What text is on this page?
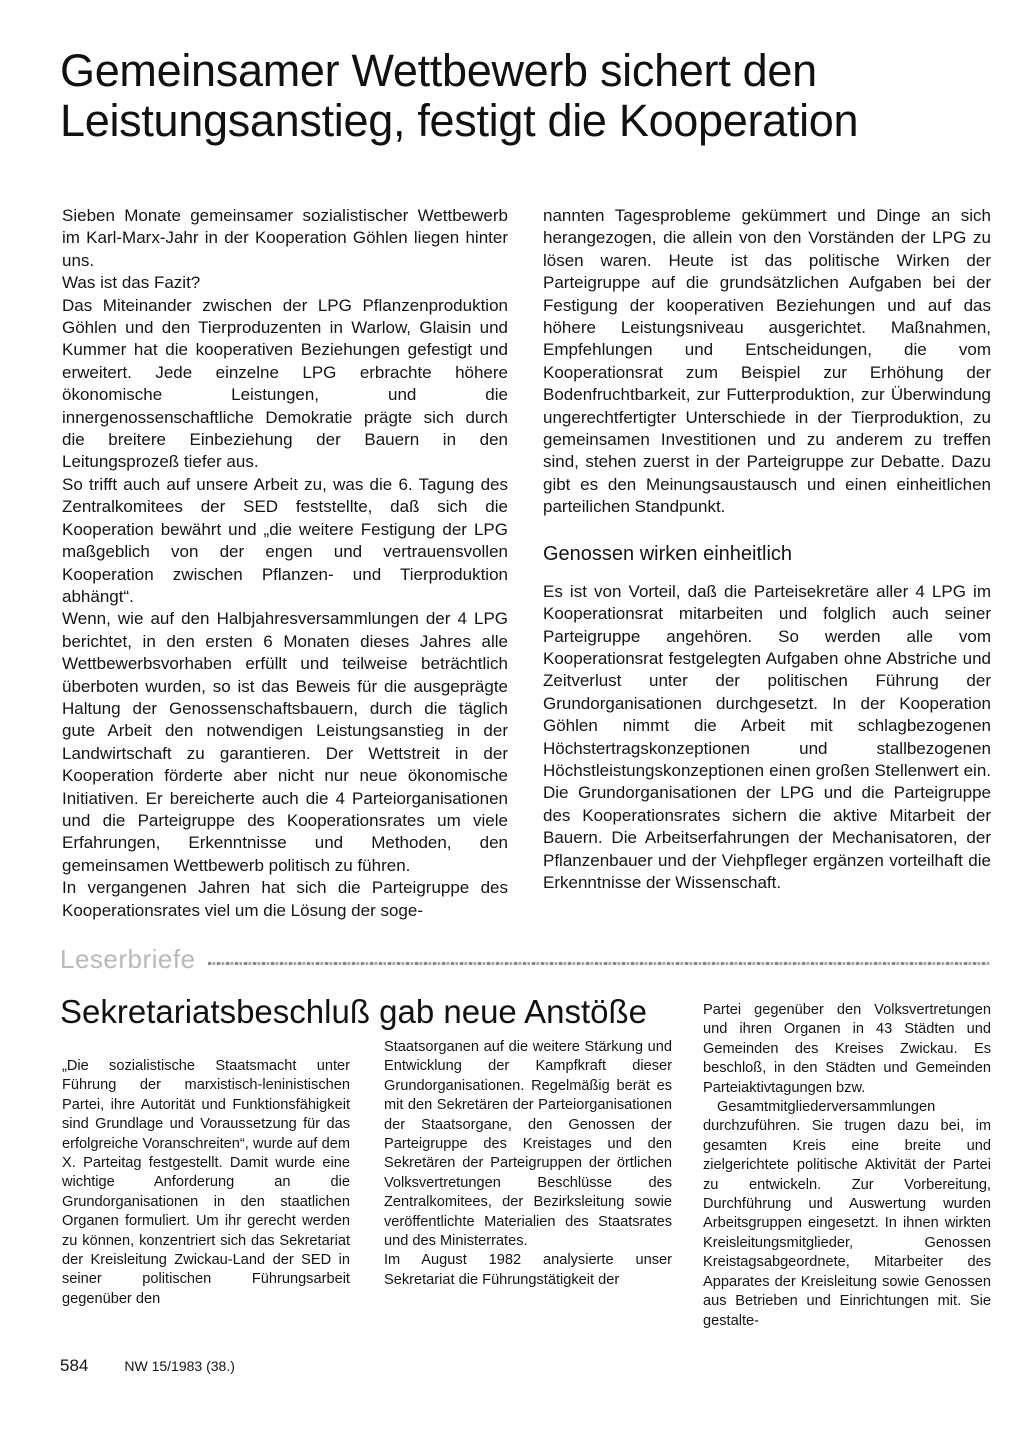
Gemeinsamer Wettbewerb sichert den Leistungsanstieg, festigt die Kooperation

Sieben Monate gemeinsamer sozialistischer Wettbewerb im Karl-Marx-Jahr in der Kooperation Göhlen liegen hinter uns.

Was ist das Fazit?

Das Miteinander zwischen der LPG Pflanzenproduktion Göhlen und den Tierproduzenten in Warlow, Glaisin und Kummer hat die kooperativen Beziehungen gefestigt und erweitert. Jede einzelne LPG erbrachte höhere ökonomische Leistungen, und die innergenossenschaftliche Demokratie prägte sich durch die breitere Einbeziehung der Bauern in den Leitungsprozeß tiefer aus.

So trifft auch auf unsere Arbeit zu, was die 6. Tagung des Zentralkomitees der SED feststellte, daß sich die Kooperation bewährt und „die weitere Festigung der LPG maßgeblich von der engen und vertrauensvollen Kooperation zwischen Pflanzen- und Tierproduktion abhängt“.

Wenn, wie auf den Halbjahresversammlungen der 4 LPG berichtet, in den ersten 6 Monaten dieses Jahres alle Wettbewerbsvorhaben erfüllt und teilweise beträchtlich überboten wurden, so ist das Beweis für die ausgeprägte Haltung der Genossenschaftsbauern, durch die täglich gute Arbeit den notwendigen Leistungsanstieg in der Landwirtschaft zu garantieren. Der Wettstreit in der Kooperation förderte aber nicht nur neue ökonomische Initiativen. Er bereicherte auch die 4 Parteiorganisationen und die Parteigruppe des Kooperationsrates um viele Erfahrungen, Erkenntnisse und Methoden, den gemeinsamen Wettbewerb politisch zu führen.

In vergangenen Jahren hat sich die Parteigruppe des Kooperationsrates viel um die Lösung der soge-

nannten Tagesprobleme gekümmert und Dinge an sich herangezogen, die allein von den Vorständen der LPG zu lösen waren. Heute ist das politische Wirken der Parteigruppe auf die grundsätzlichen Aufgaben bei der Festigung der kooperativen Beziehungen und auf das höhere Leistungsniveau ausgerichtet. Maßnahmen, Empfehlungen und Entscheidungen, die vom Kooperationsrat zum Beispiel zur Erhöhung der Bodenfruchtbarkeit, zur Futterproduktion, zur Überwindung ungerechtfertigter Unterschiede in der Tierproduktion, zu gemeinsamen Investitionen und zu anderem zu treffen sind, stehen zuerst in der Parteigruppe zur Debatte. Dazu gibt es den Meinungsaustausch und einen einheitlichen parteilichen Standpunkt.

Genossen wirken einheitlich

Es ist von Vorteil, daß die Parteisekretäre aller 4 LPG im Kooperationsrat mitarbeiten und folglich auch seiner Parteigruppe angehören. So werden alle vom Kooperationsrat festgelegten Aufgaben ohne Abstriche und Zeitverlust unter der politischen Führung der Grundorganisationen durchgesetzt. In der Kooperation Göhlen nimmt die Arbeit mit schlagbezogenen Höchstertragskonzeptionen und stallbezogenen Höchstleistungskonzeptionen einen großen Stellenwert ein. Die Grundorganisationen der LPG und die Parteigruppe des Kooperationsrates sichern die aktive Mitarbeit der Bauern. Die Arbeitserfahrungen der Mechanisatoren, der Pflanzenbauer und der Viehpfleger ergänzen vorteilhaft die Erkenntnisse der Wissenschaft.

Leserbriefe
Sekretariatsbeschluß gab neue Anstöße

„Die sozialistische Staatsmacht unter Führung der marxistisch-leninistischen Partei, ihre Autorität und Funktionsfähigkeit sind Grundlage und Voraussetzung für das erfolgreiche Voranschreiten“, wurde auf dem X. Parteitag festgestellt. Damit wurde eine wichtige Anforderung an die Grundorganisationen in den staatlichen Organen formuliert. Um ihr gerecht werden zu können, konzentriert sich das Sekretariat der Kreisleitung Zwickau-Land der SED in seiner politischen Führungsarbeit gegenüber den

Staatsorganen auf die weitere Stärkung und Entwicklung der Kampfkraft dieser Grundorganisationen. Regelmäßig berät es mit den Sekretären der Parteiorganisationen der Staatsorgane, den Genossen der Parteigruppe des Kreistages und den Sekretären der Parteigruppen der örtlichen Volksvertretungen Beschlüsse des Zentralkomitees, der Bezirksleitung sowie veröffentlichte Materialien des Staatsrates und des Ministerrates.

Im August 1982 analysierte unser Sekretariat die Führungstätigkeit der

Partei gegenüber den Volksvertretungen und ihren Organen in 43 Städten und Gemeinden des Kreises Zwickau. Es beschloß, in den Städten und Gemeinden Parteiaktivtagungen bzw.

Gesamtmitgliederversammlungen durchzuführen. Sie trugen dazu bei, im gesamten Kreis eine breite und zielgerichtete politische Aktivität der Partei zu entwickeln. Zur Vorbereitung, Durchführung und Auswertung wurden Arbeitsgruppen eingesetzt. In ihnen wirkten Kreisleitungsmitglieder, Genossen Kreistagsabgeordnete, Mitarbeiter des Apparates der Kreisleitung sowie Genossen aus Betrieben und Einrichtungen mit. Sie gestalte-

584	NW 15/1983 (38.)
